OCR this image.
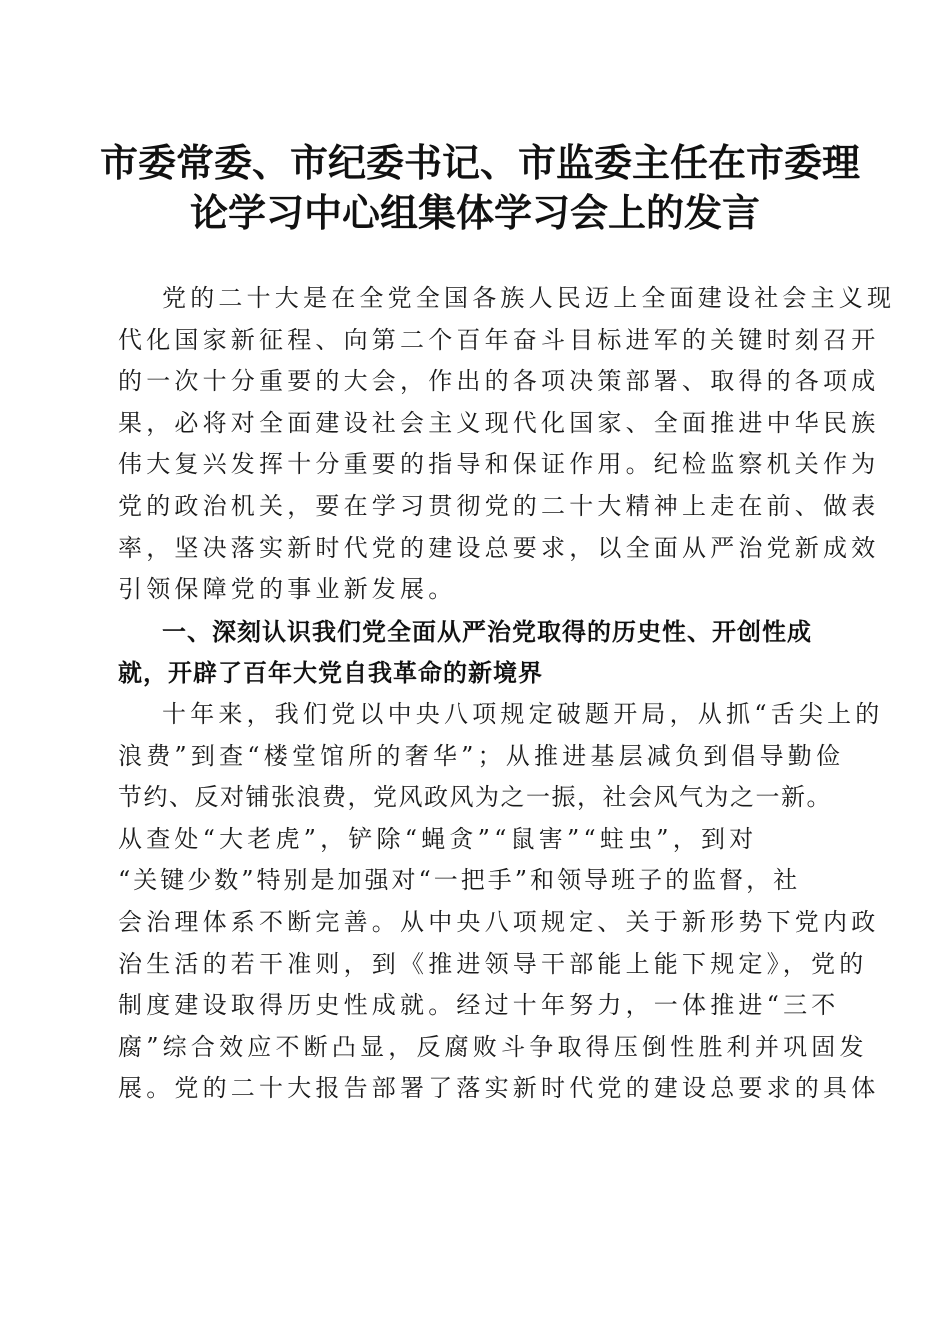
市委常委、市纪委书记、市监委主任在市委理
论学习中心组集体学习会上的发言

党的二十大是在全党全国各族人民迈上全面建设社会主义现

代化国家新征程、向第二个百年奋斗目标进军的关键时刻召开

的一次十分重要的大会，作出的各项决策部署、取得的各项成

果，必将对全面建设社会主义现代化国家、全面推进中华民族

伟大复兴发挥十分重要的指导和保证作用。纪检监察机关作为

党的政治机关，要在学习贯彻党的二十大精神上走在前、做表

率，坚决落实新时代党的建设总要求，以全面从严治党新成效

引领保障党的事业新发展。

一、深刻认识我们党全面从严治党取得的历史性、开创性成

就，开辟了百年大党自我革命的新境界

十年来，我们党以中央八项规定破题开局，从抓“舌尖上的

浪费”到查“楼堂馆所的奢华”；从推进基层减负到倡导勤俭

节约、反对铺张浪费，党风政风为之一振，社会风气为之一新。

从查处“大老虎”，铲除“蝇贪”“鼠害”“蛀虫”，到对

“关键少数”特别是加强对“一把手”和领导班子的监督，社

会治理体系不断完善。从中央八项规定、关于新形势下党内政

治生活的若干准则，到《推进领导干部能上能下规定》，党的

制度建设取得历史性成就。经过十年努力，一体推进“三不

腐”综合效应不断凸显，反腐败斗争取得压倒性胜利并巩固发

展。党的二十大报告部署了落实新时代党的建设总要求的具体
